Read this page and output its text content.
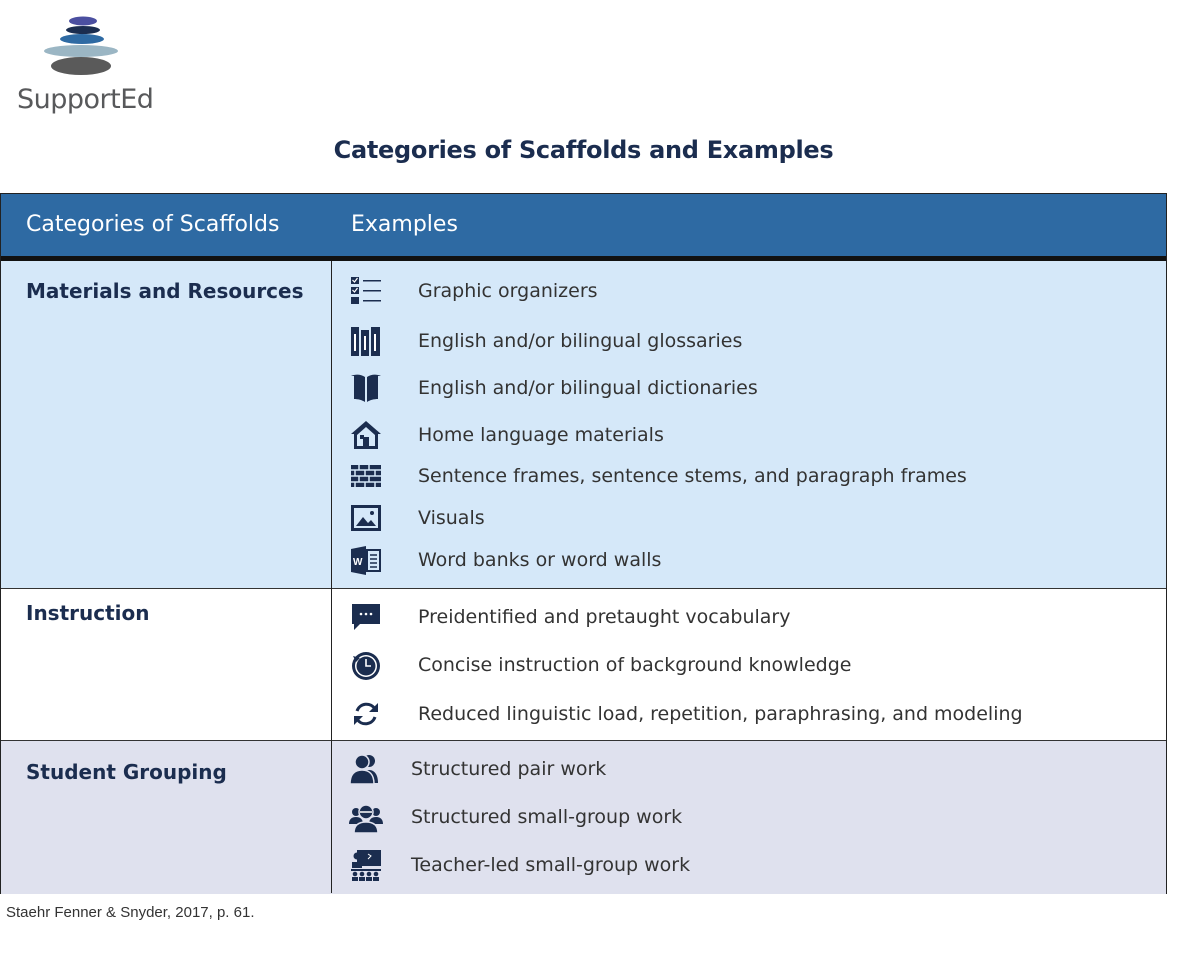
SupportEd
Categories of Scaffolds and Examples
Categories of Scaffolds	Examples
Materials and Resources	Graphic organizers
English and/or bilingual glossaries
English and/or bilingual dictionaries
Home language materials
Sentence frames, sentence stems, and paragraph frames
Visuals
W	Word banks or word walls
Instruction	Preidentified and pretaught vocabulary
Concise instruction of background knowledge
Reduced linguistic load, repetition, paraphrasing, and modeling
Student Grouping	Structured pair work
Structured small-group work
Teacher-led small-group work
Staehr Fenner & Snyder, 2017, p. 61.
